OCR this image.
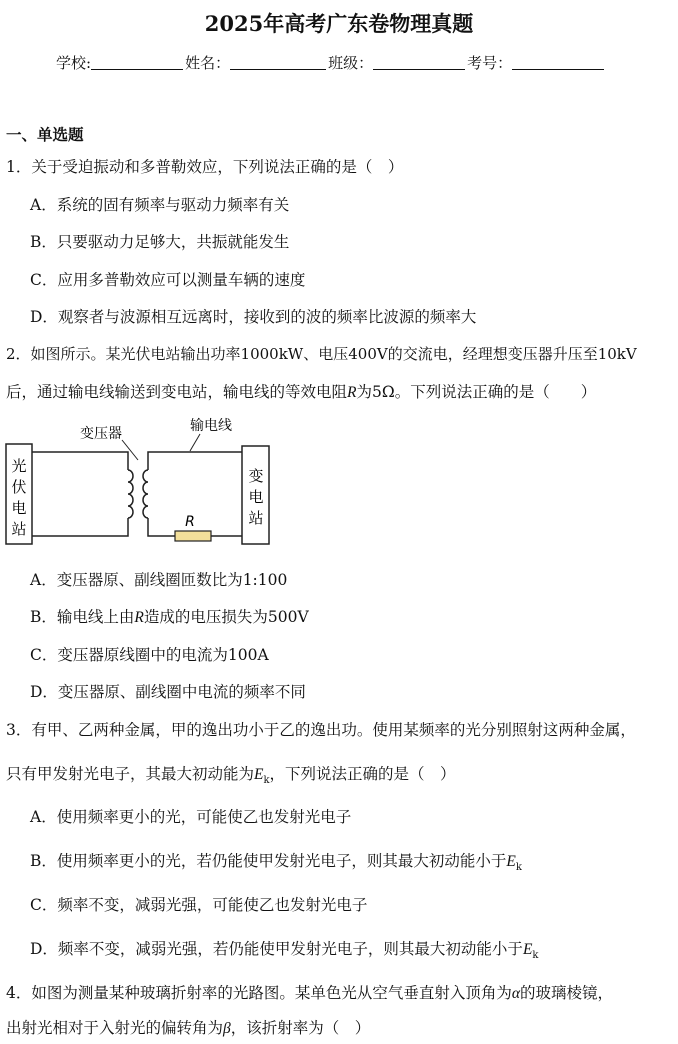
2025年高考广东卷物理真题
学校:	姓名：	班级：	考号：
一、单选题
1．关于受迫振动和多普勒效应，下列说法正确的是（　）
A．系统的固有频率与驱动力频率有关
B．只要驱动力足够大，共振就能发生
C．应用多普勒效应可以测量车辆的速度
D．观察者与波源相互远离时，接收到的波的频率比波源的频率大
2．如图所示。某光伏电站输出功率1000kW、电压400V的交流电，经理想变压器升压至10kV
后，通过输电线输送到变电站，输电线的等效电阻R为5Ω。下列说法正确的是（　　）
光
伏
电
站	R
变
电
站
变压器	输电线
A．变压器原、副线圈匝数比为1:100
B．输电线上由R造成的电压损失为500V
C．变压器原线圈中的电流为100A
D．变压器原、副线圈中电流的频率不同
3．有甲、乙两种金属，甲的逸出功小于乙的逸出功。使用某频率的光分别照射这两种金属，
只有甲发射光电子，其最大初动能为$E_k$，下列说法正确的是（　）
A．使用频率更小的光，可能使乙也发射光电子
B．使用频率更小的光，若仍能使甲发射光电子，则其最大初动能小于$E_k$
C．频率不变，减弱光强，可能使乙也发射光电子
D．频率不变，减弱光强，若仍能使甲发射光电子，则其最大初动能小于$E_k$
4．如图为测量某种玻璃折射率的光路图。某单色光从空气垂直射入顶角为α的玻璃棱镜，
出射光相对于入射光的偏转角为β，该折射率为（　）
